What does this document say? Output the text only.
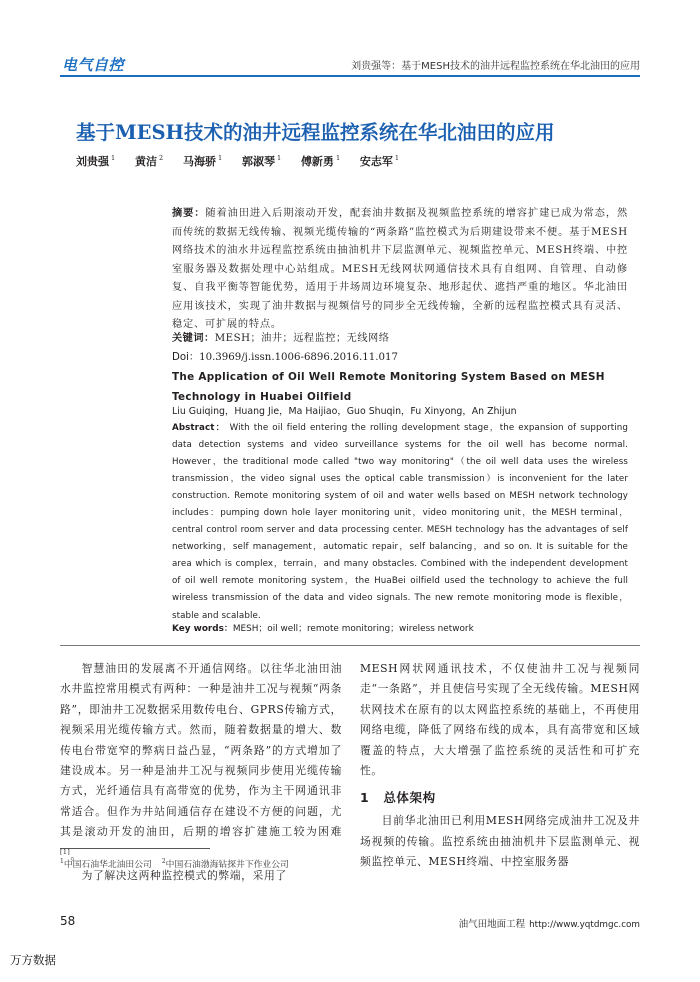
电气自控	刘贵强等：基于MESH技术的油井远程监控系统在华北油田的应用
基于MESH技术的油井远程监控系统在华北油田的应用
刘贵强 $^1$ 黄洁 $^2$ 马海骄 $^1$ 郭淑琴 $^1$ 傅新勇 $^1$ 安志军 $^1$
摘要：随着油田进入后期滚动开发，配套油井数据及视频监控系统的增容扩建已成为常态，然而传统的数据无线传输、视频光缆传输的“两条路”监控模式为后期建设带来不便。基于MESH网络技术的油水井远程监控系统由抽油机井下层监测单元、视频监控单元、MESH终端、中控室服务器及数据处理中心站组成。MESH无线网状网通信技术具有自组网、自管理、自动修复、自我平衡等智能优势，适用于井场周边环境复杂、地形起伏、遮挡严重的地区。华北油田应用该技术，实现了油井数据与视频信号的同步全无线传输，全新的远程监控模式具有灵活、稳定、可扩展的特点。
关键词：MESH；油井；远程监控；无线网络
Doi：10.3969/j.issn.1006-6896.2016.11.017
The Application of Oil Well Remote Monitoring System Based on MESH Technology in Huabei Oilfield
Liu Guiqing，Huang Jie，Ma Haijiao，Guo Shuqin，Fu Xinyong，An Zhijun
Abstract： With the oil field entering the rolling development stage，the expansion of supporting data detection systems and video surveillance systems for the oil well has become normal. However，the traditional mode called "two way monitoring"（the oil well data uses the wireless transmission，the video signal uses the optical cable transmission）is inconvenient for the later construction. Remote monitoring system of oil and water wells based on MESH network technology includes：pumping down hole layer monitoring unit，video monitoring unit，the MESH terminal，central control room server and data processing center. MESH technology has the advantages of self networking，self management，automatic repair，self balancing，and so on. It is suitable for the area which is complex，terrain，and many obstacles. Combined with the independent development of oil well remote monitoring system，the HuaBei oilfield used the technology to achieve the full wireless transmission of the data and video signals. The new remote monitoring mode is flexible，stable and scalable.
Key words：MESH；oil well；remote monitoring；wireless network

智慧油田的发展离不开通信网络。以往华北油田油水井监控常用模式有两种：一种是油井工况与视频“两条路”，即油井工况数据采用数传电台、GPRS传输方式，视频采用光缆传输方式。然而，随着数据量的增大、数传电台带宽窄的弊病日益凸显，“两条路”的方式增加了建设成本。另一种是油井工况与视频同步使用光缆传输方式，光纤通信具有高带宽的优势，作为主干网通讯非常适合。但作为井站间通信存在建设不方便的问题，尤其是滚动开发的油田，后期的增容扩建施工较为困难[1]。

为了解决这两种监控模式的弊端，采用了

MESH网状网通讯技术，不仅使油井工况与视频同走“一条路”，并且使信号实现了全无线传输。MESH网状网技术在原有的以太网监控系统的基础上，不再使用网络电缆，降低了网络布线的成本，具有高带宽和区域覆盖的特点，大大增强了监控系统的灵活性和可扩充性。

1 总体架构

目前华北油田已利用MESH网络完成油井工况及井场视频的传输。监控系统由抽油机井下层监测单元、视频监控单元、MESH终端、中控室服务器

$^1$中国石油华北油田公司 $^2$中国石油渤海钻探井下作业公司
58	油气田地面工程 http://www.yqtdmgc.com
万方数据
